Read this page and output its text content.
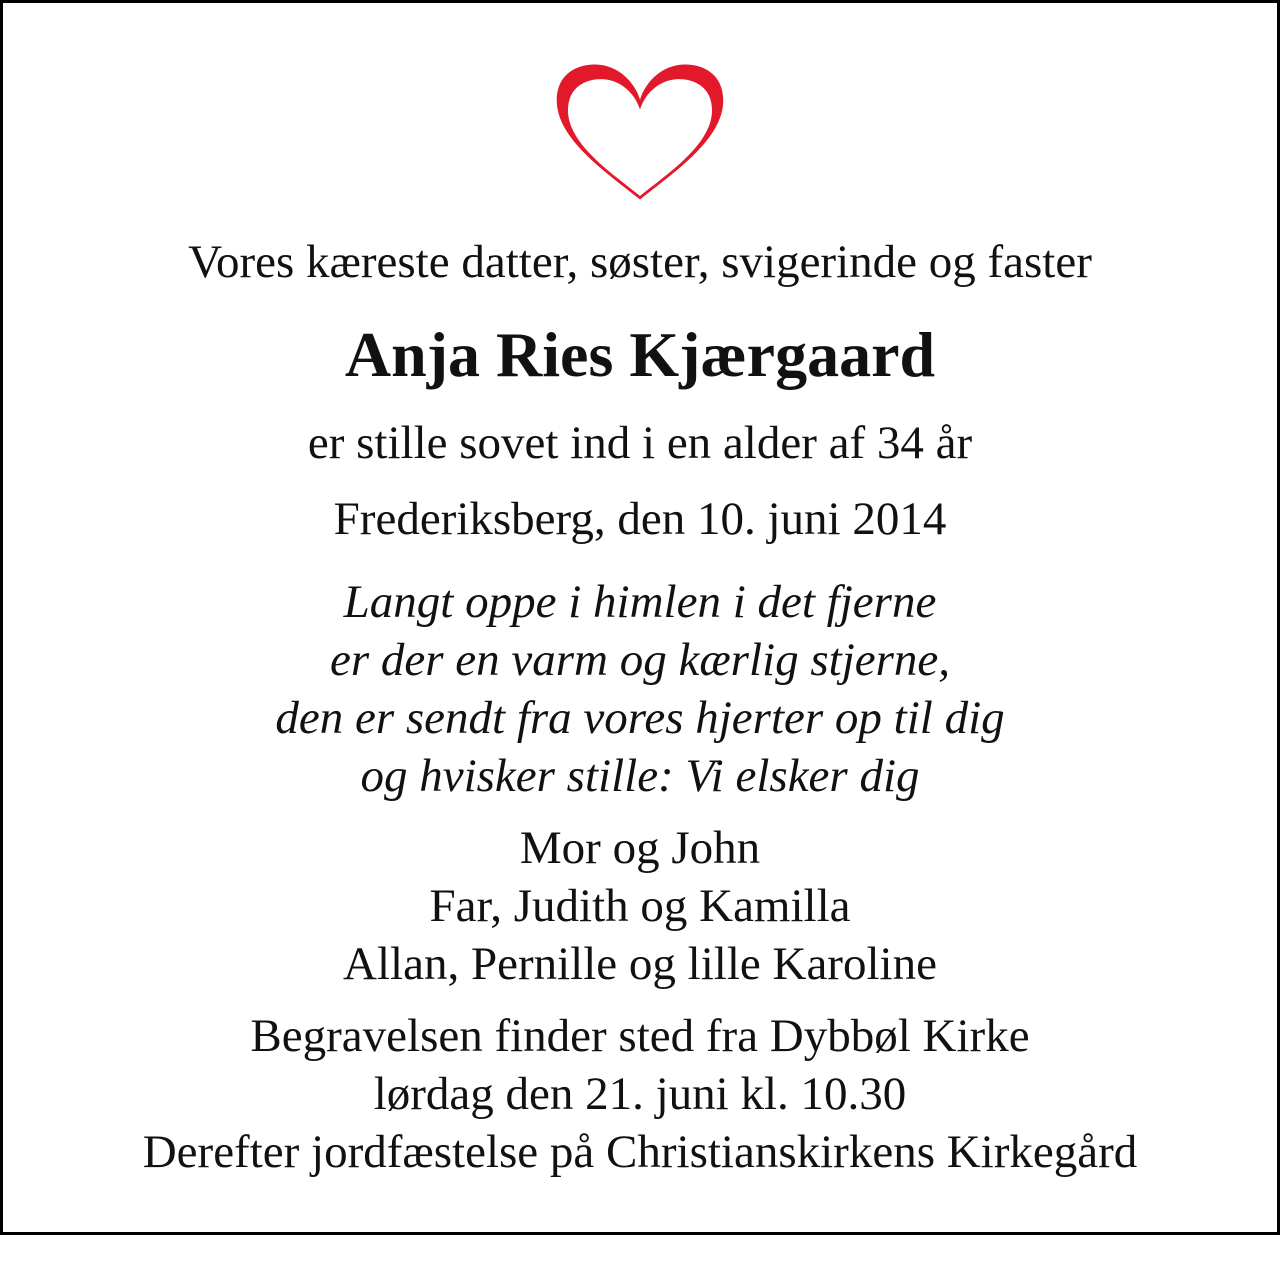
Vores kæreste datter, søster, svigerinde og faster

Anja Ries Kjærgaard

er stille sovet ind i en alder af 34 år

Frederiksberg, den 10. juni 2014

Langt oppe i himlen i det fjerne

er der en varm og kærlig stjerne,

den er sendt fra vores hjerter op til dig

og hvisker stille: Vi elsker dig

Mor og John

Far, Judith og Kamilla

Allan, Pernille og lille Karoline

Begravelsen finder sted fra Dybbøl Kirke

lørdag den 21. juni kl. 10.30

Derefter jordfæstelse på Christianskirkens Kirkegård
